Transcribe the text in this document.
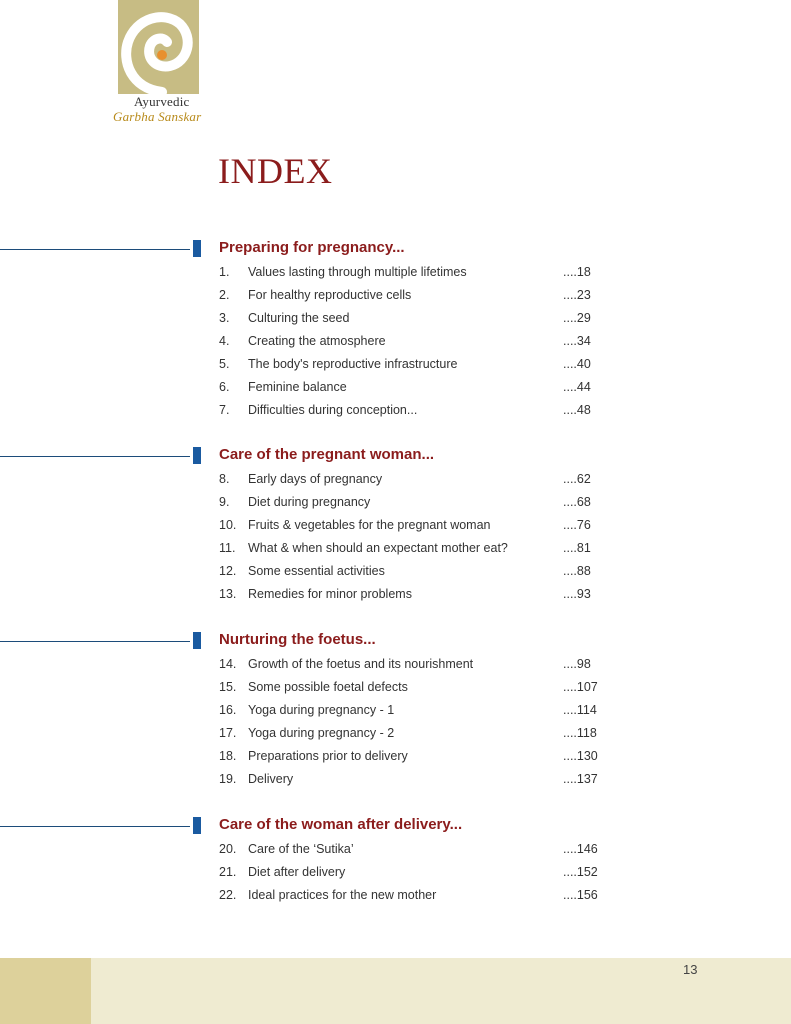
Ayurvedic
Garbha Sanskar
INDEX
Preparing for pregnancy...
1. Values lasting through multiple lifetimes	....18
2. For healthy reproductive cells	....23
3. Culturing the seed	....29
4. Creating the atmosphere	....34
5. The body's reproductive infrastructure	....40
6. Feminine balance	....44
7. Difficulties during conception...	....48
Care of the pregnant woman...
8. Early days of pregnancy	....62
9. Diet during pregnancy	....68
10. Fruits & vegetables for the pregnant woman	....76
11. What & when should an expectant mother eat?	....81
12. Some essential activities	....88
13. Remedies for minor problems	....93
Nurturing the foetus...
14. Growth of the foetus and its nourishment	....98
15. Some possible foetal defects	....107
16. Yoga during pregnancy - 1	....114
17. Yoga during pregnancy - 2	....118
18. Preparations prior to delivery	....130
19. Delivery	....137
Care of the woman after delivery...
20. Care of the ‘Sutika’	....146
21. Diet after delivery	....152
22. Ideal practices for the new mother	....156
13
